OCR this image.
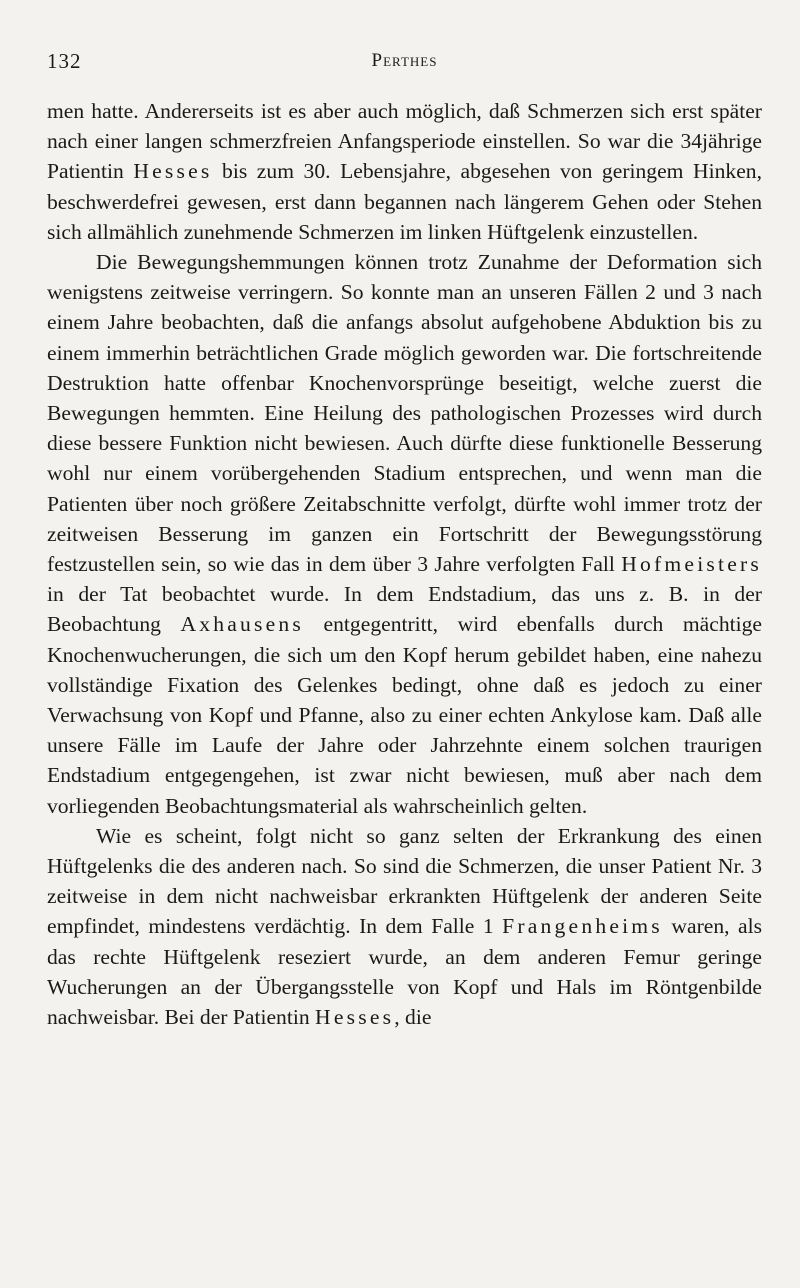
132	Perthes

men hatte. Andererseits ist es aber auch möglich, daß Schmerzen sich erst später nach einer langen schmerzfreien Anfangsperiode einstellen. So war die 34jährige Patientin Hesses bis zum 30. Lebensjahre, abgesehen von geringem Hinken, beschwerdefrei gewesen, erst dann begannen nach längerem Gehen oder Stehen sich allmählich zunehmende Schmerzen im linken Hüftgelenk einzustellen.

Die Bewegungshemmungen können trotz Zunahme der Deformation sich wenigstens zeitweise verringern. So konnte man an unseren Fällen 2 und 3 nach einem Jahre beobachten, daß die anfangs absolut aufgehobene Abduktion bis zu einem immerhin beträchtlichen Grade möglich geworden war. Die fortschreitende Destruktion hatte offenbar Knochenvorsprünge beseitigt, welche zuerst die Bewegungen hemmten. Eine Heilung des pathologischen Prozesses wird durch diese bessere Funktion nicht bewiesen. Auch dürfte diese funktionelle Besserung wohl nur einem vorübergehenden Stadium entsprechen, und wenn man die Patienten über noch größere Zeitabschnitte verfolgt, dürfte wohl immer trotz der zeitweisen Besserung im ganzen ein Fortschritt der Bewegungsstörung festzustellen sein, so wie das in dem über 3 Jahre verfolgten Fall Hofmeisters in der Tat beobachtet wurde. In dem Endstadium, das uns z. B. in der Beobachtung Axhausens entgegentritt, wird ebenfalls durch mächtige Knochenwucherungen, die sich um den Kopf herum gebildet haben, eine nahezu vollständige Fixation des Gelenkes bedingt, ohne daß es jedoch zu einer Verwachsung von Kopf und Pfanne, also zu einer echten Ankylose kam. Daß alle unsere Fälle im Laufe der Jahre oder Jahrzehnte einem solchen traurigen Endstadium entgegengehen, ist zwar nicht bewiesen, muß aber nach dem vorliegenden Beobachtungsmaterial als wahrscheinlich gelten.

Wie es scheint, folgt nicht so ganz selten der Erkrankung des einen Hüftgelenks die des anderen nach. So sind die Schmerzen, die unser Patient Nr. 3 zeitweise in dem nicht nachweisbar erkrankten Hüftgelenk der anderen Seite empfindet, mindestens verdächtig. In dem Falle 1 Frangenheims waren, als das rechte Hüftgelenk reseziert wurde, an dem anderen Femur geringe Wucherungen an der Übergangsstelle von Kopf und Hals im Röntgenbilde nachweisbar. Bei der Patientin Hesses, die
